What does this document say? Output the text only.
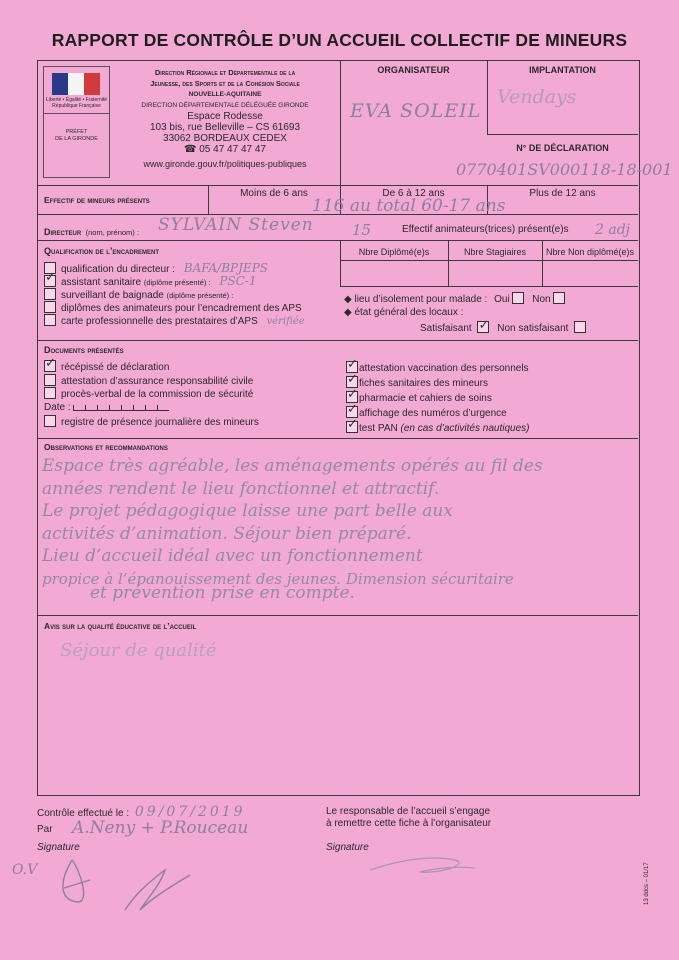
RAPPORT DE CONTRÔLE D’UN ACCUEIL COLLECTIF DE MINEURS
Liberté • Égalité • Fraternité
République Française
PRÉFET
DE LA GIRONDE
Direction Régionale et Départementale de la
Jeunesse, des Sports et de la Cohésion Sociale
NOUVELLE-AQUITAINE
DIRECTION DÉPARTEMENTALE DÉLÉGUÉE GIRONDE
Espace Rodesse
103 bis, rue Belleville – CS 61693
33062 BORDEAUX CEDEX
☎ 05 47 47 47 47
www.gironde.gouv.fr/politiques-publiques
ORGANISATEUR
EVA SOLEIL
IMPLANTATION
Vendays
N° DE DÉCLARATION
0770401SV000118-18-001
Effectif de mineurs présents
Moins de 6 ans	De 6 à 12 ans	Plus de 12 ans
116 au total 60-17 ans
Directeur (nom, prénom) : SYLVAIN Steven	15	Effectif animateurs(trices) présent(e)s 2 adj
Qualification de l’encadrement
qualification du directeur : BAFA/BPJEPS
✓assistant sanitaire (diplôme présenté) : PSC-1
surveillant de baignade (diplôme présenté) :
diplômes des animateurs pour l’encadrement des APS
carte professionnelle des prestataires d’APS vérifiée
Nbre Diplômé(e)s	Nbre Stagiaires	Nbre Non diplômé(e)s
◆ lieu d’isolement pour malade : Oui Non
◆ état général des locaux :
Satisfaisant ✓	Non satisfaisant
Documents présentés
✓récépissé de déclaration
attestation d’assurance responsabilité civile
procès-verbal de la commission de sécurité
Date :
registre de présence journalière des mineurs
✓attestation vaccination des personnels
✓fiches sanitaires des mineurs
✓pharmacie et cahiers de soins
✓affichage des numéros d’urgence
✓test PAN (en cas d’activités nautiques)
Observations et recommandations
Espace très agréable, les aménagements opérés au fil des
années rendent le lieu fonctionnel et attractif.
Le projet pédagogique laisse une part belle aux
activités d’animation. Séjour bien préparé.
Lieu d’accueil idéal avec un fonctionnement
propice à l’épanouissement des jeunes. Dimension sécuritaire
et prévention prise en compte.
Avis sur la qualité éducative de l’accueil
Séjour de qualité
Contrôle effectué le : 09/07/2019
Par A.Neny + P.Rouceau
Signature
O.V
Le responsable de l’accueil s’engage
à remettre cette fiche à l’organisateur
Signature
13 ddcs – 01/17
